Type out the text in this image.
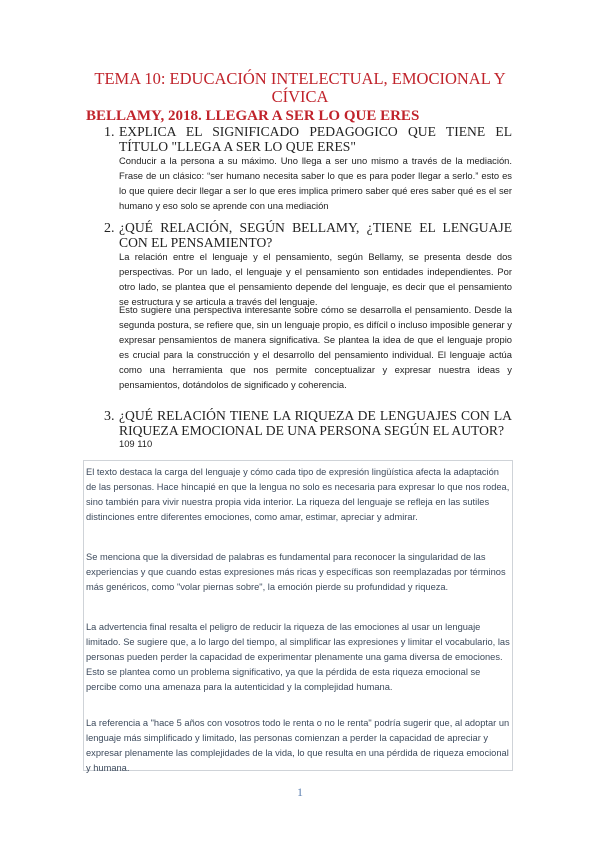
TEMA 10: EDUCACIÓN INTELECTUAL, EMOCIONAL Y CÍVICA
BELLAMY, 2018. LLEGAR A SER LO QUE ERES
1. EXPLICA EL SIGNIFICADO PEDAGOGICO QUE TIENE EL TÍTULO "LLEGA A SER LO QUE ERES"

Conducir a la persona a su máximo. Uno llega a ser uno mismo a través de la mediación. Frase de un clásico: “ser humano necesita saber lo que es para poder llegar a serlo.” esto es lo que quiere decir llegar a ser lo que eres implica primero saber qué eres saber qué es el ser humano y eso solo se aprende con una mediación

2. ¿QUÉ RELACIÓN, SEGÚN BELLAMY, ¿TIENE EL LENGUAJE CON EL PENSAMIENTO?

La relación entre el lenguaje y el pensamiento, según Bellamy, se presenta desde dos perspectivas. Por un lado, el lenguaje y el pensamiento son entidades independientes. Por otro lado, se plantea que el pensamiento depende del lenguaje, es decir que el pensamiento se estructura y se articula a través del lenguaje.

Esto sugiere una perspectiva interesante sobre cómo se desarrolla el pensamiento. Desde la segunda postura, se refiere que, sin un lenguaje propio, es difícil o incluso imposible generar y expresar pensamientos de manera significativa. Se plantea la idea de que el lenguaje propio es crucial para la construcción y el desarrollo del pensamiento individual. El lenguaje actúa como una herramienta que nos permite conceptualizar y expresar nuestra ideas y pensamientos, dotándolos de significado y coherencia.

3. ¿QUÉ RELACIÓN TIENE LA RIQUEZA DE LENGUAJES CON LA RIQUEZA EMOCIONAL DE UNA PERSONA SEGÚN EL AUTOR?

109 110

El texto destaca la carga del lenguaje y cómo cada tipo de expresión lingüística afecta la adaptación de las personas. Hace hincapié en que la lengua no solo es necesaria para expresar lo que nos rodea, sino también para vivir nuestra propia vida interior. La riqueza del lenguaje se refleja en las sutiles distinciones entre diferentes emociones, como amar, estimar, apreciar y admirar.

Se menciona que la diversidad de palabras es fundamental para reconocer la singularidad de las experiencias y que cuando estas expresiones más ricas y específicas son reemplazadas por términos más genéricos, como "volar piernas sobre", la emoción pierde su profundidad y riqueza.

La advertencia final resalta el peligro de reducir la riqueza de las emociones al usar un lenguaje limitado. Se sugiere que, a lo largo del tiempo, al simplificar las expresiones y limitar el vocabulario, las personas pueden perder la capacidad de experimentar plenamente una gama diversa de emociones. Esto se plantea como un problema significativo, ya que la pérdida de esta riqueza emocional se percibe como una amenaza para la autenticidad y la complejidad humana.

La referencia a "hace 5 años con vosotros todo le renta o no le renta" podría sugerir que, al adoptar un lenguaje más simplificado y limitado, las personas comienzan a perder la capacidad de apreciar y expresar plenamente las complejidades de la vida, lo que resulta en una pérdida de riqueza emocional y humana.

1
